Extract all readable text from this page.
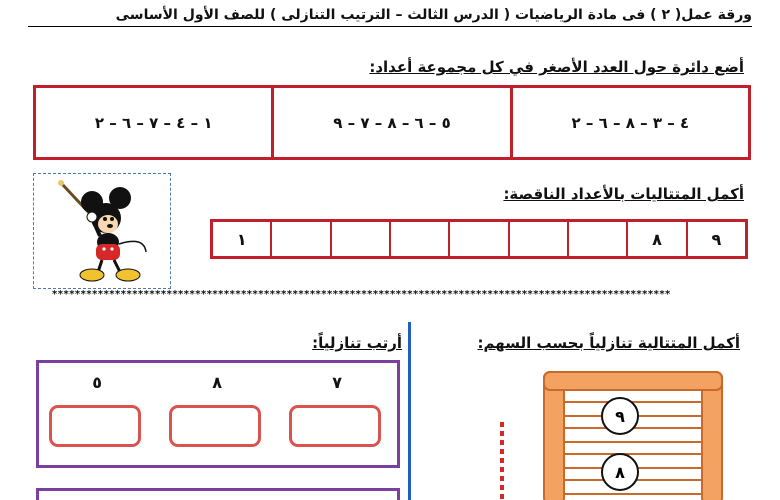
ورقة عمل( ٢ ) فى مادة الرياضيات ( الدرس الثالث – الترتيب التنازلى ) للصف الأول الأساسى
أضع دائرة حول العدد الأصغر في كل مجموعة أعداد:
٤ – ٣ – ٨ – ٦ – ٢
٥ – ٦ – ٨ – ٧ – ٩
١ – ٤ – ٧ – ٦ – ٢
أكمل المتتاليات بالأعداد الناقصة:
٩
٨
١
************************************************************************************************************
أكمل المتتالية تنازلياً بحسب السهم:
٩
٨
أرتب تنازلياً:
٧
٨
٥
